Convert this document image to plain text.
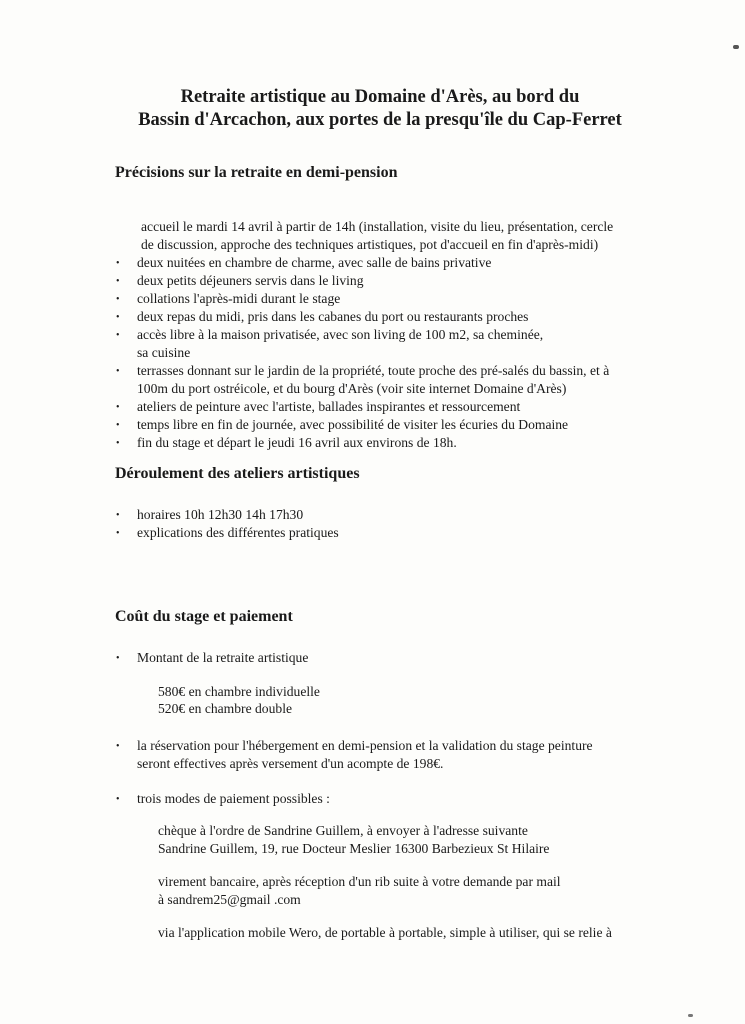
Retraite artistique au Domaine d'Arès, au bord du
Bassin d'Arcachon, aux portes de la presqu'île du Cap-Ferret
Précisions sur la retraite en demi-pension
accueil le mardi 14 avril à partir de 14h (installation, visite du lieu, présentation, cercle
de discussion, approche des techniques artistiques, pot d'accueil en fin d'après-midi)
• deux nuitées en chambre de charme, avec salle de bains privative
• deux petits déjeuners servis dans le living
• collations l'après-midi durant le stage
• deux repas du midi, pris dans les cabanes du port ou restaurants proches
• accès libre à la maison privatisée, avec son living de 100 m2, sa cheminée,
sa cuisine
• terrasses donnant sur le jardin de la propriété, toute proche des pré-salés du bassin, et à
100m du port ostréicole, et du bourg d'Arès (voir site internet Domaine d'Arès)
• ateliers de peinture avec l'artiste, ballades inspirantes et ressourcement
• temps libre en fin de journée, avec possibilité de visiter les écuries du Domaine
• fin du stage et départ le jeudi 16 avril aux environs de 18h.
Déroulement des ateliers artistiques
• horaires 10h 12h30 14h 17h30
• explications des différentes pratiques
Coût du stage et paiement
• Montant de la retraite artistique
580€ en chambre individuelle
520€ en chambre double
• la réservation pour l'hébergement en demi-pension et la validation du stage peinture
seront effectives après versement d'un acompte de 198€.
• trois modes de paiement possibles :
chèque à l'ordre de Sandrine Guillem, à envoyer à l'adresse suivante
Sandrine Guillem, 19, rue Docteur Meslier 16300 Barbezieux St Hilaire
virement bancaire, après réception d'un rib suite à votre demande par mail
à sandrem25@gmail .com
via l'application mobile Wero, de portable à portable, simple à utiliser, qui se relie à
